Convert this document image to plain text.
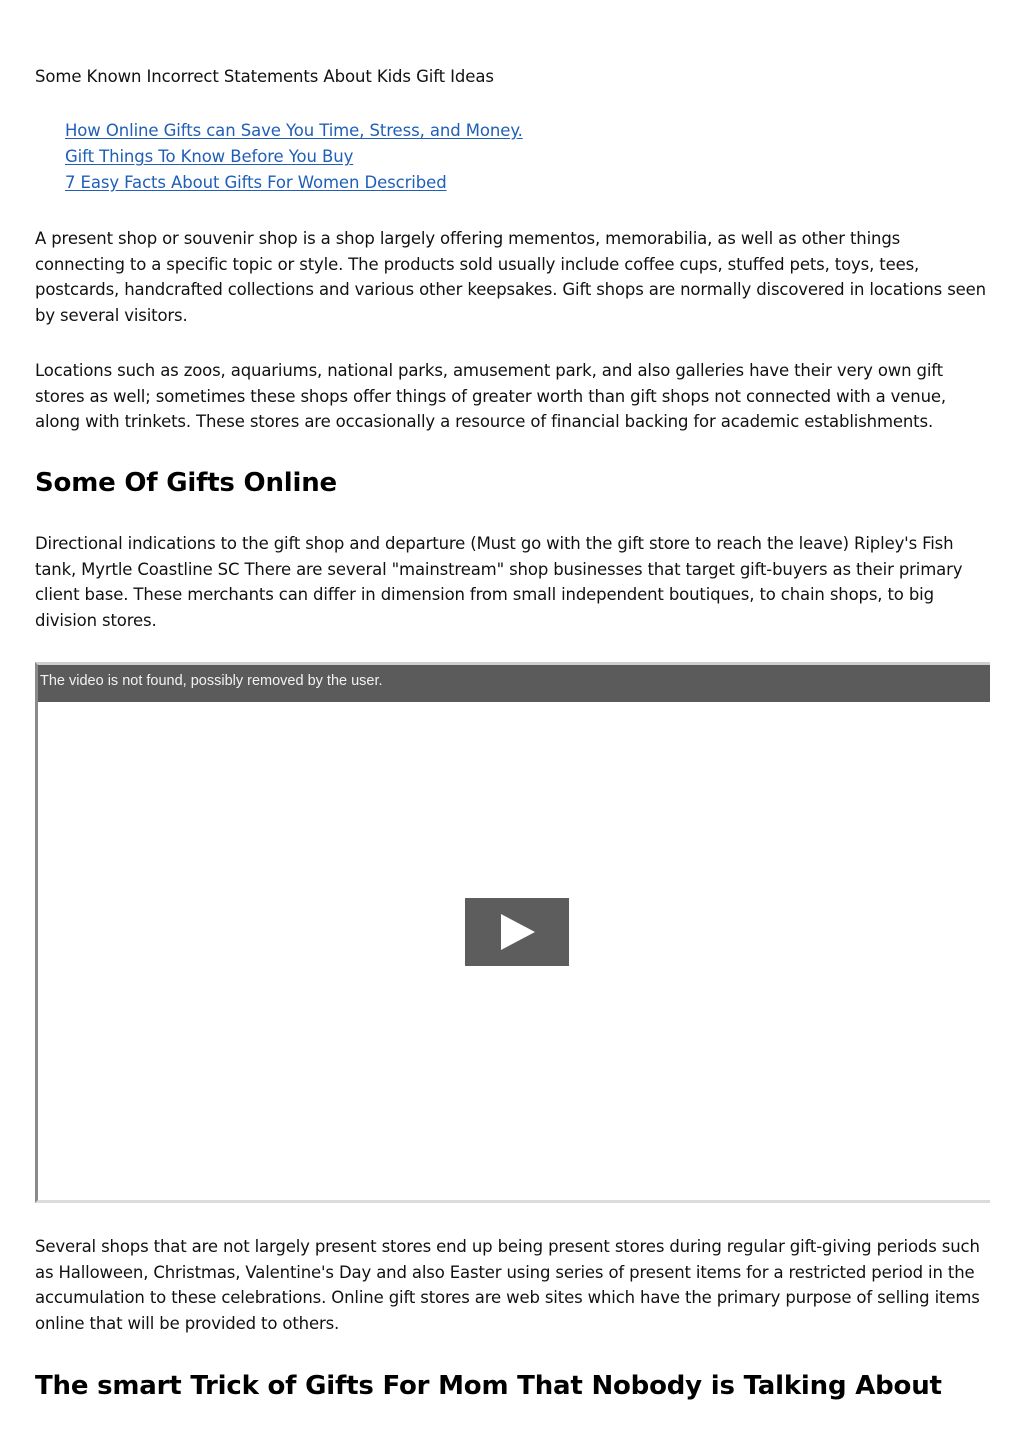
Some Known Incorrect Statements About Kids Gift Ideas
How Online Gifts can Save You Time, Stress, and Money.
Gift Things To Know Before You Buy
7 Easy Facts About Gifts For Women Described

A present shop or souvenir shop is a shop largely offering mementos, memorabilia, as well as other things connecting to a specific topic or style. The products sold usually include coffee cups, stuffed pets, toys, tees, postcards, handcrafted collections and various other keepsakes. Gift shops are normally discovered in locations seen by several visitors.

Locations such as zoos, aquariums, national parks, amusement park, and also galleries have their very own gift stores as well; sometimes these shops offer things of greater worth than gift shops not connected with a venue, along with trinkets. These stores are occasionally a resource of financial backing for academic establishments.

Some Of Gifts Online

Directional indications to the gift shop and departure (Must go with the gift store to reach the leave) Ripley's Fish tank, Myrtle Coastline SC There are several "mainstream" shop businesses that target gift-buyers as their primary client base. These merchants can differ in dimension from small independent boutiques, to chain shops, to big division stores.

Several shops that are not largely present stores end up being present stores during regular gift-giving periods such as Halloween, Christmas, Valentine's Day and also Easter using series of present items for a restricted period in the accumulation to these celebrations. Online gift stores are web sites which have the primary purpose of selling items online that will be provided to others.

The smart Trick of Gifts For Mom That Nobody is Talking About
The video is not found, possibly removed by the user.
